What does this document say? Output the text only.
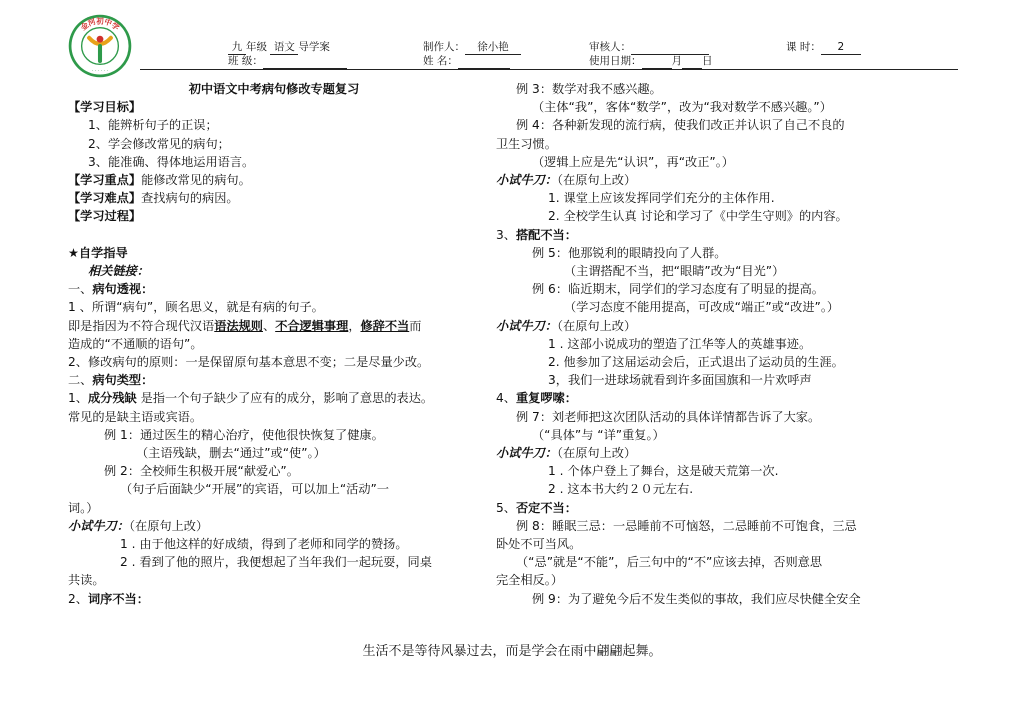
金河初中学
· · · · · ·
九 年级 语文 导学案	制作人： 徐小艳	审核人：	课 时： 2
班 级：	姓 名：	使用日期：	月 日

初中语文中考病句修改专题复习

【学习目标】

1、能辨析句子的正误；

2、学会修改常见的病句；

3、能准确、得体地运用语言。

【学习重点】能修改常见的病句。

【学习难点】查找病句的病因。

【学习过程】

★自学指导

相关链接：

一、病句透视：

1 、所谓“病句”，顾名思义，就是有病的句子。

即是指因为不符合现代汉语语法规则、不合逻辑事理，修辞不当而

造成的“不通顺的语句”。

2、修改病句的原则：一是保留原句基本意思不变；二是尽量少改。

二、病句类型：

1、成分残缺 是指一个句子缺少了应有的成分，影响了意思的表达。

常见的是缺主语或宾语。

例 1：通过医生的精心治疗，使他很快恢复了健康。

（主语残缺，删去“通过”或“使”。）

例 2：全校师生积极开展“献爱心”。

（句子后面缺少“开展”的宾语，可以加上“活动”一

词。）

小试牛刀：（在原句上改）

1 . 由于他这样的好成绩，得到了老师和同学的赞扬。

2 . 看到了他的照片，我便想起了当年我们一起玩耍，同桌

共读。

2、词序不当：

例 3：数学对我不感兴趣。

（主体“我”，客体“数学”，改为“我对数学不感兴趣。”）

例 4：各种新发现的流行病，使我们改正并认识了自己不良的

卫生习惯。

（逻辑上应是先“认识”，再“改正”。）

小试牛刀：（在原句上改）

1. 课堂上应该发挥同学们充分的主体作用.

2. 全校学生认真 讨论和学习了《中学生守则》的内容。

3、搭配不当：

例 5：他那锐利的眼睛投向了人群。

（主谓搭配不当，把“眼睛”改为“目光”）

例 6：临近期末，同学们的学习态度有了明显的提高。

（学习态度不能用提高，可改成“端正”或“改进”。）

小试牛刀：（在原句上改）

1 . 这部小说成功的塑造了江华等人的英雄事迹。

2. 他参加了这届运动会后，正式退出了运动员的生涯。

3，我们一进球场就看到许多面国旗和一片欢呼声

4、重复啰嗦：

例 7：刘老师把这次团队活动的具体详情都告诉了大家。

（“具体”与 “详”重复。）

小试牛刀：（在原句上改）

1 . 个体户登上了舞台，这是破天荒第一次.

2 . 这本书大约２０元左右.

5、否定不当：

例 8：睡眠三忌：一忌睡前不可恼怒，二忌睡前不可饱食，三忌

卧处不可当风。

（“忌”就是“不能”，后三句中的“不”应该去掉，否则意思

完全相反。）

例 9：为了避免今后不发生类似的事故，我们应尽快健全安全

生活不是等待风暴过去，而是学会在雨中翩翩起舞。
